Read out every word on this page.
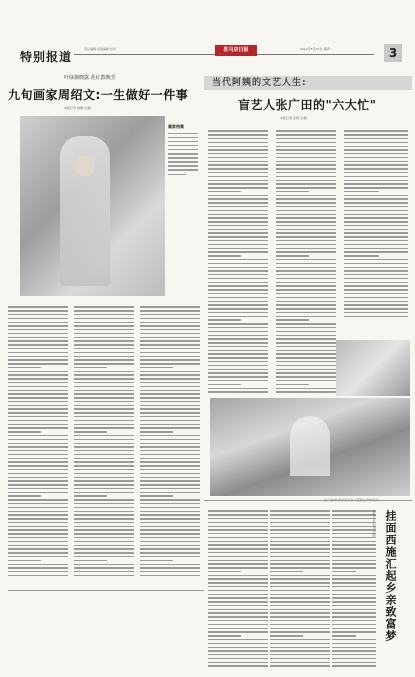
特别报道
责任编辑 版面编辑 校对	驻马店日报	2019年5月10日 星期一	3
叶绿摘晓露 花红散晚芳
九旬画家周绍文:一生做好一件事
本报记者 姚增 文/图
画家档案
当代阿姨的文艺人生:
盲艺人张广田的"六大忙"
本报记者 张明 文/图
张广田(中)和乡亲们在一起演出(资料照片)
挂面西施汇起乡亲致富梦
本报记者 刘伟 文/图
